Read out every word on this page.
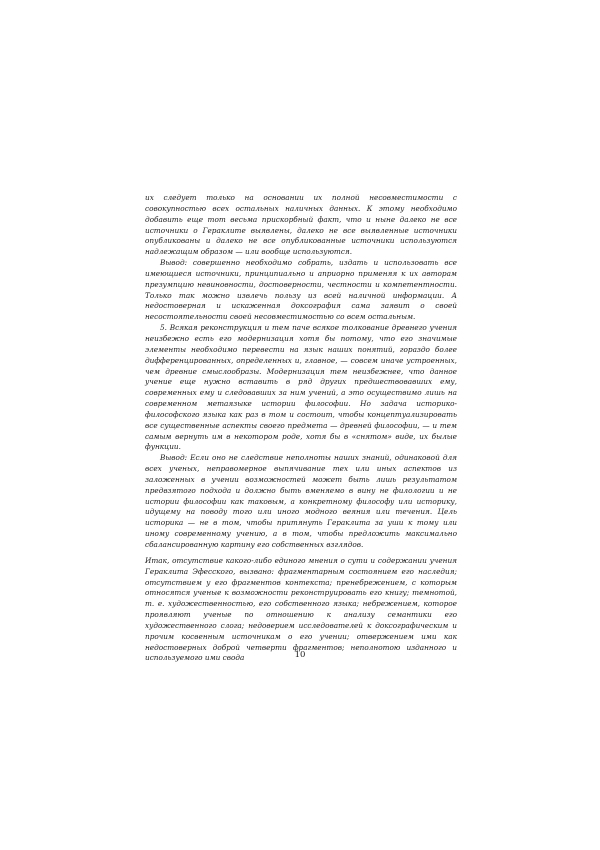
их следует только на основании их полной несовместимости с совокупностью всех остальных наличных данных. К этому необходимо добавить еще тот весьма прискорбный факт, что и ныне далеко не все источники о Гераклите выявлены, далеко не все выявленные источники опубликованы и далеко не все опубликованные источники используются надлежащим образом — или вообще используются.

Вывод: совершенно необходимо собрать, издать и использовать все имеющиеся источники, принципиально и априорно применяя к их авторам презумпцию невиновности, достоверности, честности и компетентности. Только так можно извлечь пользу из всей наличной информации. А недостоверная и искаженная доксография сама заявит о своей несостоятельности своей несовместимостью со всем остальным.

5. Всякая реконструкция и тем паче всякое толкование древнего учения неизбежно есть его модернизация хотя бы потому, что его значимые элементы необходимо перевести на язык наших понятий, гораздо более дифференцированных, определенных и, главное, — совсем иначе устроенных, чем древние смыслообразы. Модернизация тем неизбежнее, что данное учение еще нужно вставить в ряд других предшествовавших ему, современных ему и следовавших за ним учений, а это осуществимо лишь на современном метаязыке истории философии. Но задача историко-философского языка как раз в том и состоит, чтобы концептуализировать все существенные аспекты своего предмета — древней философии, — и тем самым вернуть им в некотором роде, хотя бы в «снятом» виде, их былые функции.

Вывод: Если оно не следствие неполноты наших знаний, одинаковой для всех ученых, неправомерное выпячивание тех или иных аспектов из заложенных в учении возможностей может быть лишь результатом предвзятого подхода и должно быть вменяемо в вину не филологии и не истории философии как таковым, а конкретному философу или историку, идущему на поводу того или иного модного веяния или течения. Цель историка — не в том, чтобы притянуть Гераклита за уши к тому или иному современному учению, а в том, чтобы предложить максимально сбалансированную картину его собственных взглядов.

Итак, отсутствие какого-либо единого мнения о сути и содержании учения Гераклита Эфесского, вызвано: фрагментарным состоянием его наследия; отсутствием у его фрагментов контекста; пренебрежением, с которым относятся ученые к возможности реконструировать его книгу; темнотой, т. е. художественностью, его собственного языка; небрежением, которое проявляют ученые по отношению к анализу семантики его художественного слога; недоверием исследователей к доксографическим и прочим косвенным источникам о его учении; отвержением ими как недостоверных доброй четверти фрагментов; неполнотою изданного и используемого ими свода	10
